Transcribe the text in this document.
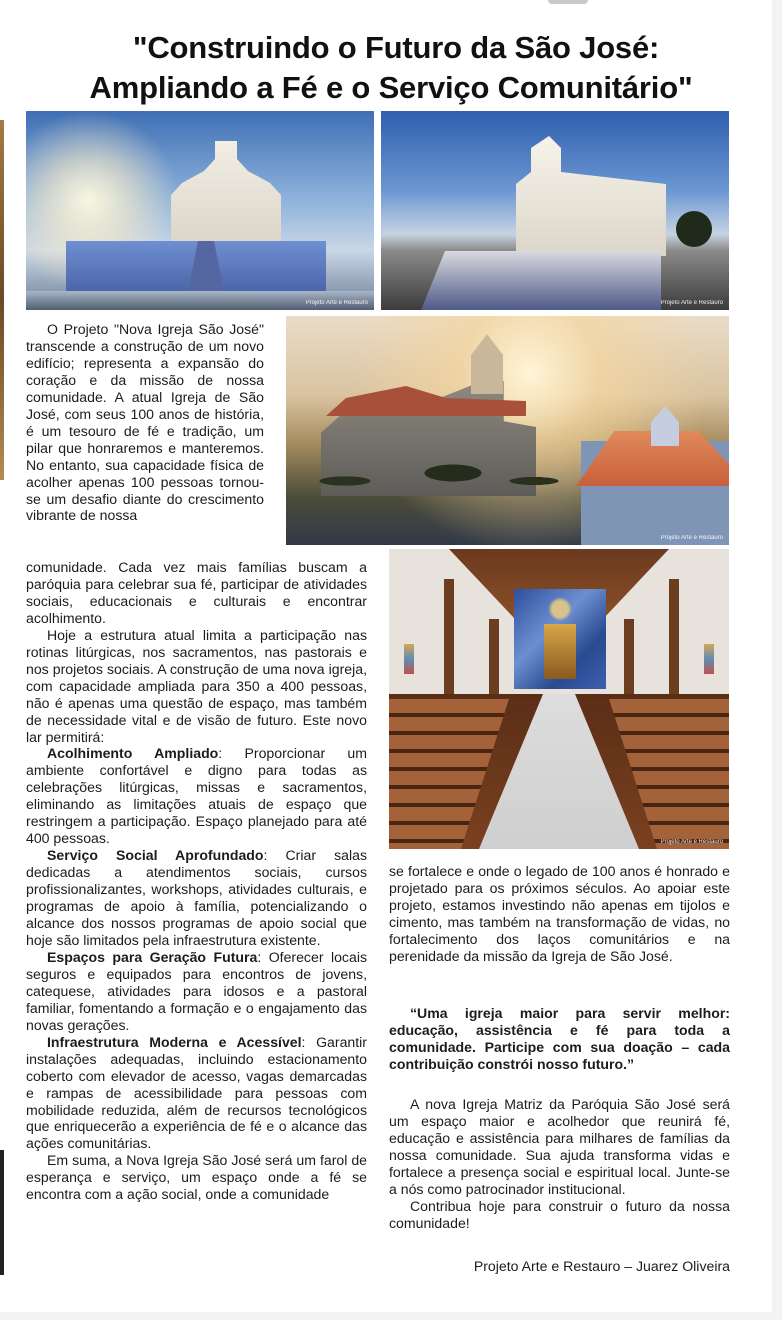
"Construindo o Futuro da São José:
Ampliando a Fé e o Serviço Comunitário"
Projeto Arte e Restauro	Projeto Arte e Restauro
Projeto Arte e Restauro
Projeto Arte e Restauro

O Projeto "Nova Igreja São José" transcende a construção de um novo edifício; representa a expansão do coração e da missão de nossa comunidade. A atual Igreja de São José, com seus 100 anos de história, é um tesouro de fé e tradição, um pilar que honraremos e manteremos. No entanto, sua capacidade física de acolher apenas 100 pessoas tornou-se um desafio diante do crescimento vibrante de nossa

comunidade. Cada vez mais famílias buscam a paróquia para celebrar sua fé, participar de atividades sociais, educacionais e culturais e encontrar acolhimento.

Hoje a estrutura atual limita a participação nas rotinas litúrgicas, nos sacramentos, nas pastorais e nos projetos sociais. A construção de uma nova igreja, com capacidade ampliada para 350 a 400 pessoas, não é apenas uma questão de espaço, mas também de necessidade vital e de visão de futuro. Este novo lar permitirá:

Acolhimento Ampliado: Proporcionar um ambiente confortável e digno para todas as celebrações litúrgicas, missas e sacramentos, eliminando as limitações atuais de espaço que restringem a participação. Espaço planejado para até 400 pessoas.

Serviço Social Aprofundado: Criar salas dedicadas a atendimentos sociais, cursos profissionalizantes, workshops, atividades culturais, e programas de apoio à família, potencializando o alcance dos nossos programas de apoio social que hoje são limitados pela infraestrutura existente.

Espaços para Geração Futura: Oferecer locais seguros e equipados para encontros de jovens, catequese, atividades para idosos e a pastoral familiar, fomentando a formação e o engajamento das novas gerações.

Infraestrutura Moderna e Acessível: Garantir instalações adequadas, incluindo estacionamento coberto com elevador de acesso, vagas demarcadas e rampas de acessibilidade para pessoas com mobilidade reduzida, além de recursos tecnológicos que enriquecerão a experiência de fé e o alcance das ações comunitárias.

Em suma, a Nova Igreja São José será um farol de esperança e serviço, um espaço onde a fé se encontra com a ação social, onde a comunidade

se fortalece e onde o legado de 100 anos é honrado e projetado para os próximos séculos. Ao apoiar este projeto, estamos investindo não apenas em tijolos e cimento, mas também na transformação de vidas, no fortalecimento dos laços comunitários e na perenidade da missão da Igreja de São José.

“Uma igreja maior para servir melhor: educação, assistência e fé para toda a comunidade. Participe com sua doação – cada contribuição constrói nosso futuro.”

A nova Igreja Matriz da Paróquia São José será um espaço maior e acolhedor que reunirá fé, educação e assistência para milhares de famílias da nossa comunidade. Sua ajuda transforma vidas e fortalece a presença social e espiritual local. Junte-se a nós como patrocinador institucional.

Contribua hoje para construir o futuro da nossa comunidade!

Projeto Arte e Restauro – Juarez Oliveira
